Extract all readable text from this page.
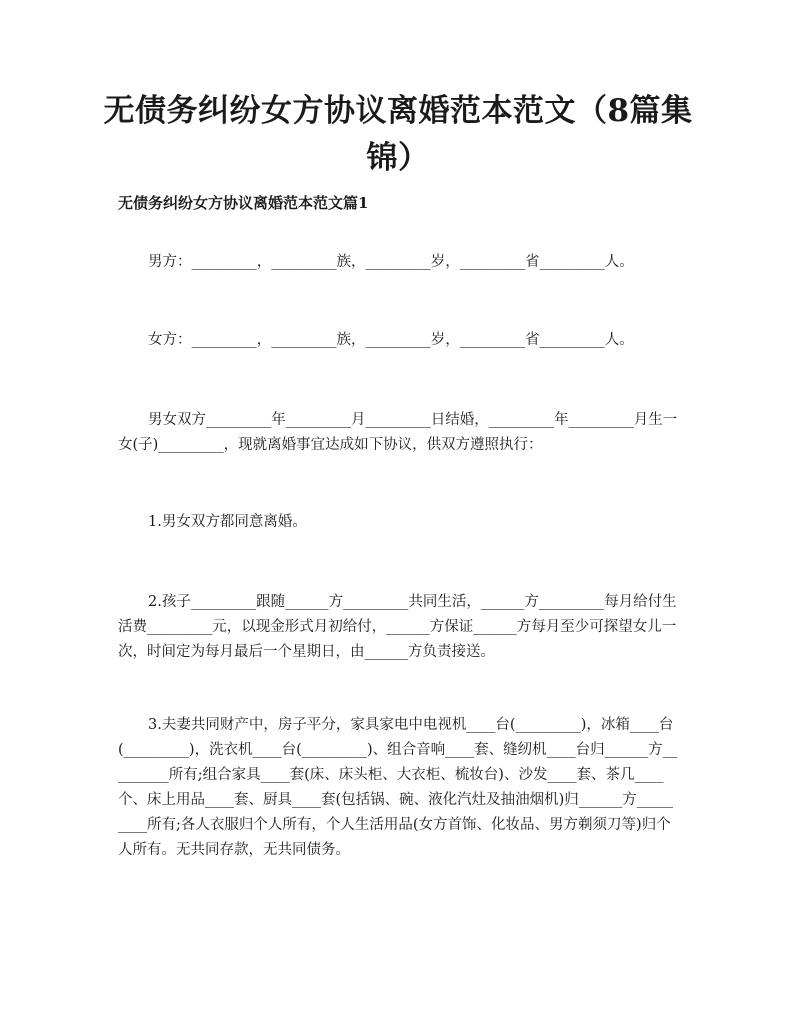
无债务纠纷女方协议离婚范本范文（8篇集锦）
无债务纠纷女方协议离婚范本范文篇1
男方：_________，_________族，_________岁，_________省_________人。
女方：_________，_________族，_________岁，_________省_________人。
男女双方_________年_________月_________日结婚，_________年_________月生一女(子)_________，现就离婚事宜达成如下协议，供双方遵照执行：
1.男女双方都同意离婚。
2.孩子_________跟随______方_________共同生活，______方_________每月给付生活费_________元，以现金形式月初给付，______方保证______方每月至少可探望女儿一次，时间定为每月最后一个星期日，由______方负责接送。
3.夫妻共同财产中，房子平分，家具家电中电视机____台(_________)，冰箱____台(_________)，洗衣机____台(_________)、组合音响____套、缝纫机____台归______方_________所有;组合家具____套(床、床头柜、大衣柜、梳妆台)、沙发____套、茶几____个、床上用品____套、厨具____套(包括锅、碗、液化汽灶及抽油烟机)归______方_________所有;各人衣服归个人所有，个人生活用品(女方首饰、化妆品、男方剃须刀等)归个人所有。无共同存款，无共同债务。
